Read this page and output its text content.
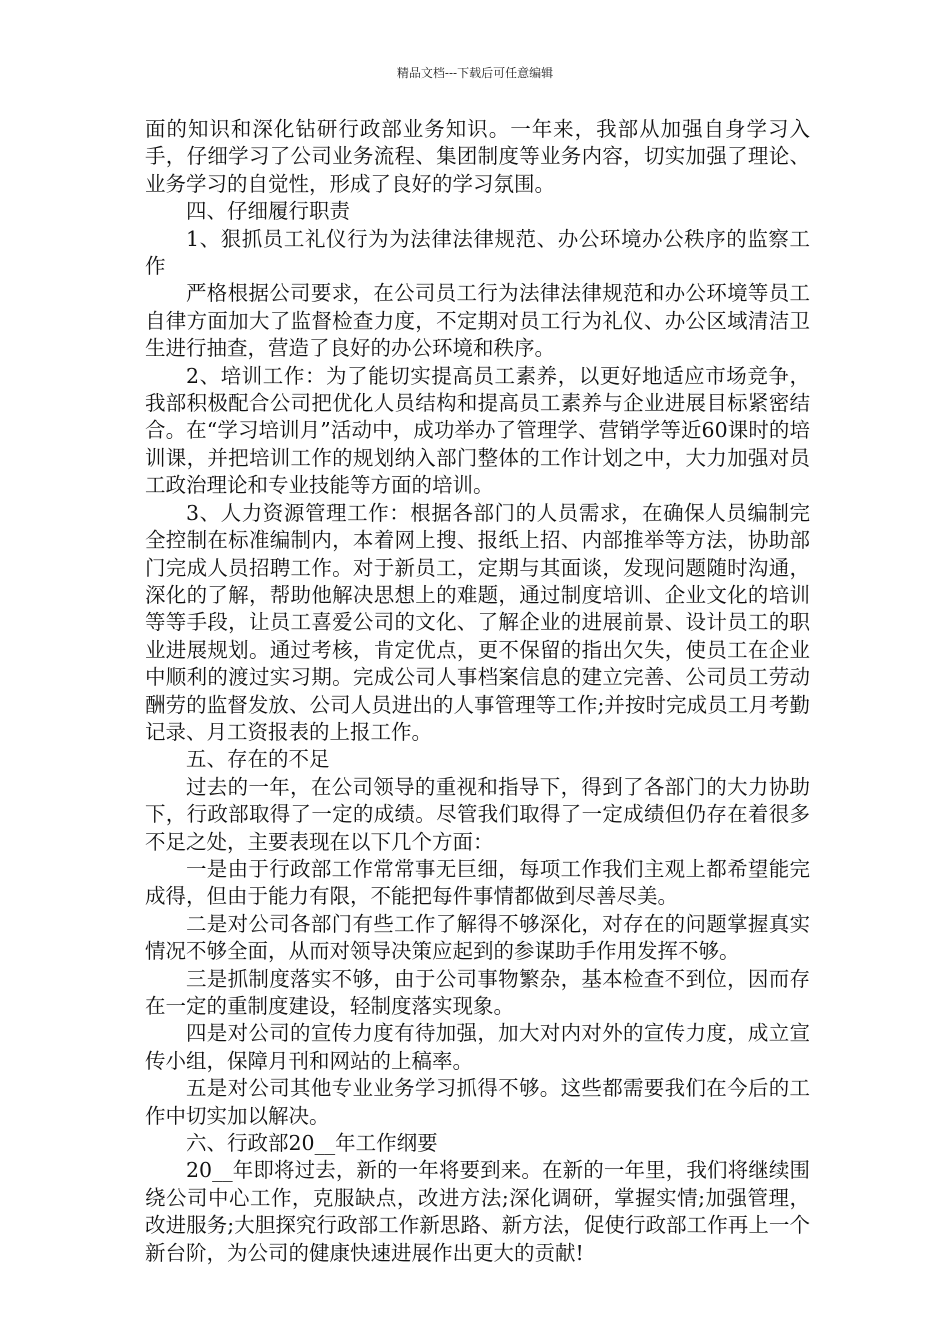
精品文档---下载后可任意编辑

面的知识和深化钻研行政部业务知识。一年来，我部从加强自身学习入手，仔细学习了公司业务流程、集团制度等业务内容，切实加强了理论、业务学习的自觉性，形成了良好的学习氛围。

四、仔细履行职责

1、狠抓员工礼仪行为为法律法律规范、办公环境办公秩序的监察工作

严格根据公司要求，在公司员工行为法律法律规范和办公环境等员工自律方面加大了监督检查力度，不定期对员工行为礼仪、办公区域清洁卫生进行抽查，营造了良好的办公环境和秩序。

2、培训工作：为了能切实提高员工素养，以更好地适应市场竞争，我部积极配合公司把优化人员结构和提高员工素养与企业进展目标紧密结合。在“学习培训月”活动中，成功举办了管理学、营销学等近60课时的培训课，并把培训工作的规划纳入部门整体的工作计划之中，大力加强对员工政治理论和专业技能等方面的培训。

3、人力资源管理工作：根据各部门的人员需求，在确保人员编制完全控制在标准编制内，本着网上搜、报纸上招、内部推举等方法，协助部门完成人员招聘工作。对于新员工，定期与其面谈，发现问题随时沟通，深化的了解，帮助他解决思想上的难题，通过制度培训、企业文化的培训等等手段，让员工喜爱公司的文化、了解企业的进展前景、设计员工的职业进展规划。通过考核，肯定优点，更不保留的指出欠失，使员工在企业中顺利的渡过实习期。完成公司人事档案信息的建立完善、公司员工劳动酬劳的监督发放、公司人员进出的人事管理等工作;并按时完成员工月考勤记录、月工资报表的上报工作。

五、存在的不足

过去的一年，在公司领导的重视和指导下，得到了各部门的大力协助下，行政部取得了一定的成绩。尽管我们取得了一定成绩但仍存在着很多不足之处，主要表现在以下几个方面：

一是由于行政部工作常常事无巨细，每项工作我们主观上都希望能完成得，但由于能力有限，不能把每件事情都做到尽善尽美。

二是对公司各部门有些工作了解得不够深化，对存在的问题掌握真实情况不够全面，从而对领导决策应起到的参谋助手作用发挥不够。

三是抓制度落实不够，由于公司事物繁杂，基本检查不到位，因而存在一定的重制度建设，轻制度落实现象。

四是对公司的宣传力度有待加强，加大对内对外的宣传力度，成立宣传小组，保障月刊和网站的上稿率。

五是对公司其他专业业务学习抓得不够。这些都需要我们在今后的工作中切实加以解决。

六、行政部20__年工作纲要

20__年即将过去，新的一年将要到来。在新的一年里，我们将继续围绕公司中心工作，克服缺点，改进方法;深化调研，掌握实情;加强管理，改进服务;大胆探究行政部工作新思路、新方法，促使行政部工作再上一个新台阶，为公司的健康快速进展作出更大的贡献!
